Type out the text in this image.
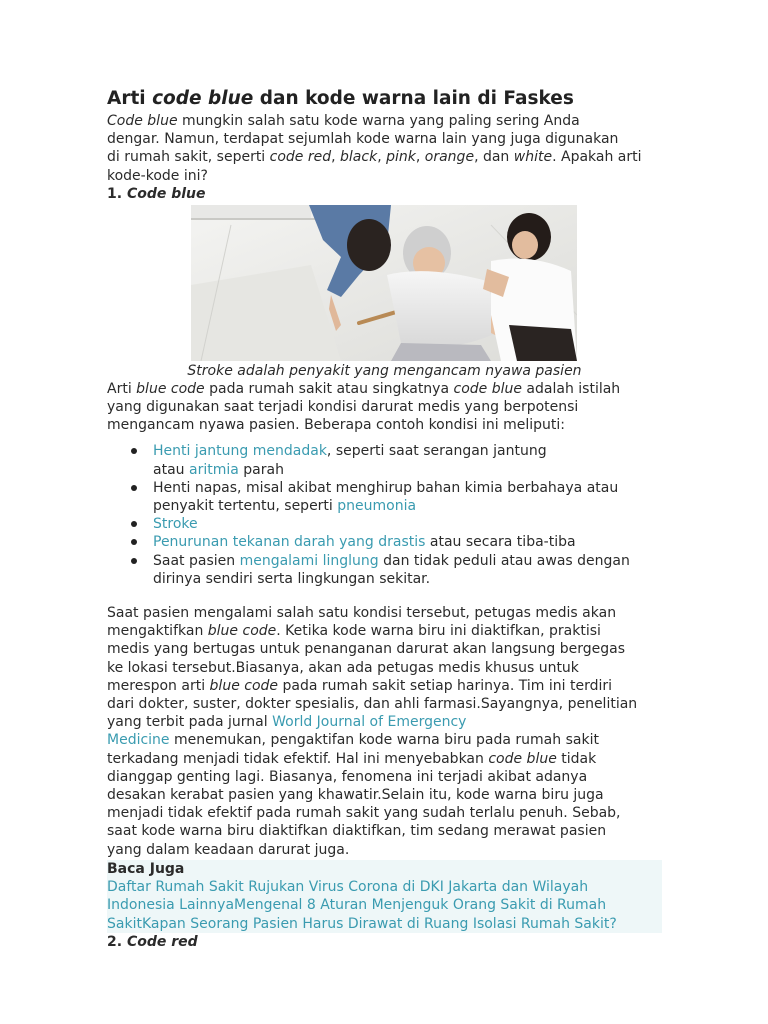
Arti code blue dan kode warna lain di Faskes

Code blue mungkin salah satu kode warna yang paling sering Anda
dengar. Namun, terdapat sejumlah kode warna lain yang juga digunakan
di rumah sakit, seperti code red, black, pink, orange, dan white. Apakah arti
kode-kode ini?

1. Code blue

Stroke adalah penyakit yang mengancam nyawa pasien

Arti blue code pada rumah sakit atau singkatnya code blue adalah istilah
yang digunakan saat terjadi kondisi darurat medis yang berpotensi
mengancam nyawa pasien. Beberapa contoh kondisi ini meliputi:

Henti jantung mendadak, seperti saat serangan jantung
atau aritmia parah
Henti napas, misal akibat menghirup bahan kimia berbahaya atau
penyakit tertentu, seperti pneumonia
Stroke
Penurunan tekanan darah yang drastis atau secara tiba-tiba
Saat pasien mengalami linglung dan tidak peduli atau awas dengan
dirinya sendiri serta lingkungan sekitar.

Saat pasien mengalami salah satu kondisi tersebut, petugas medis akan
mengaktifkan blue code. Ketika kode warna biru ini diaktifkan, praktisi
medis yang bertugas untuk penanganan darurat akan langsung bergegas
ke lokasi tersebut.Biasanya, akan ada petugas medis khusus untuk
merespon arti blue code pada rumah sakit setiap harinya. Tim ini terdiri
dari dokter, suster, dokter spesialis, dan ahli farmasi.Sayangnya, penelitian
yang terbit pada jurnal World Journal of Emergency
Medicine menemukan, pengaktifan kode warna biru pada rumah sakit
terkadang menjadi tidak efektif. Hal ini menyebabkan code blue tidak
dianggap genting lagi. Biasanya, fenomena ini terjadi akibat adanya
desakan kerabat pasien yang khawatir.Selain itu, kode warna biru juga
menjadi tidak efektif pada rumah sakit yang sudah terlalu penuh. Sebab,
saat kode warna biru diaktifkan diaktifkan, tim sedang merawat pasien
yang dalam keadaan darurat juga.

Baca Juga
Daftar Rumah Sakit Rujukan Virus Corona di DKI Jakarta dan Wilayah
Indonesia LainnyaMengenal 8 Aturan Menjenguk Orang Sakit di Rumah
SakitKapan Seorang Pasien Harus Dirawat di Ruang Isolasi Rumah Sakit?

2. Code red
